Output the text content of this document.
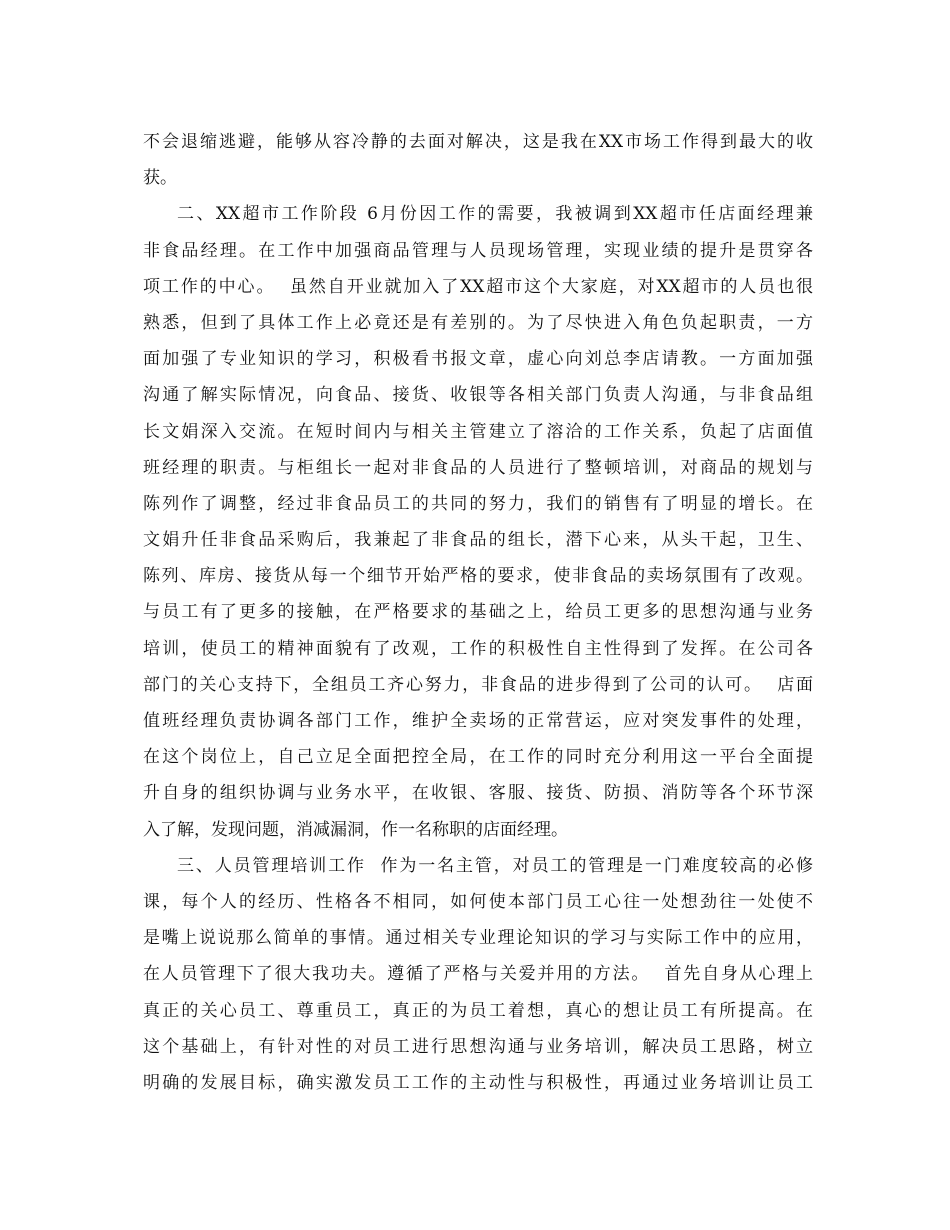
不会退缩逃避，能够从容冷静的去面对解决，这是我在XX市场工作得到最大的收
获。
二、XX超市工作阶段 6月份因工作的需要，我被调到XX超市任店面经理兼
非食品经理。在工作中加强商品管理与人员现场管理，实现业绩的提升是贯穿各
项工作的中心。  虽然自开业就加入了XX超市这个大家庭，对XX超市的人员也很
熟悉，但到了具体工作上必竟还是有差别的。为了尽快进入角色负起职责，一方
面加强了专业知识的学习，积极看书报文章，虚心向刘总李店请教。一方面加强
沟通了解实际情况，向食品、接货、收银等各相关部门负责人沟通，与非食品组
长文娟深入交流。在短时间内与相关主管建立了溶洽的工作关系，负起了店面值
班经理的职责。与柜组长一起对非食品的人员进行了整顿培训，对商品的规划与
陈列作了调整，经过非食品员工的共同的努力，我们的销售有了明显的增长。在
文娟升任非食品采购后，我兼起了非食品的组长，潜下心来，从头干起，卫生、
陈列、库房、接货从每一个细节开始严格的要求，使非食品的卖场氛围有了改观。
与员工有了更多的接触，在严格要求的基础之上，给员工更多的思想沟通与业务
培训，使员工的精神面貌有了改观，工作的积极性自主性得到了发挥。在公司各
部门的关心支持下，全组员工齐心努力，非食品的进步得到了公司的认可。  店面
值班经理负责协调各部门工作，维护全卖场的正常营运，应对突发事件的处理，
在这个岗位上，自己立足全面把控全局，在工作的同时充分利用这一平台全面提
升自身的组织协调与业务水平，在收银、客服、接货、防损、消防等各个环节深
入了解，发现问题，消减漏洞，作一名称职的店面经理。
三、人员管理培训工作  作为一名主管，对员工的管理是一门难度较高的必修
课，每个人的经历、性格各不相同，如何使本部门员工心往一处想劲往一处使不
是嘴上说说那么简单的事情。通过相关专业理论知识的学习与实际工作中的应用，
在人员管理下了很大我功夫。遵循了严格与关爱并用的方法。  首先自身从心理上
真正的关心员工、尊重员工，真正的为员工着想，真心的想让员工有所提高。在
这个基础上，有针对性的对员工进行思想沟通与业务培训，解决员工思路，树立
明确的发展目标，确实激发员工工作的主动性与积极性，再通过业务培训让员工
